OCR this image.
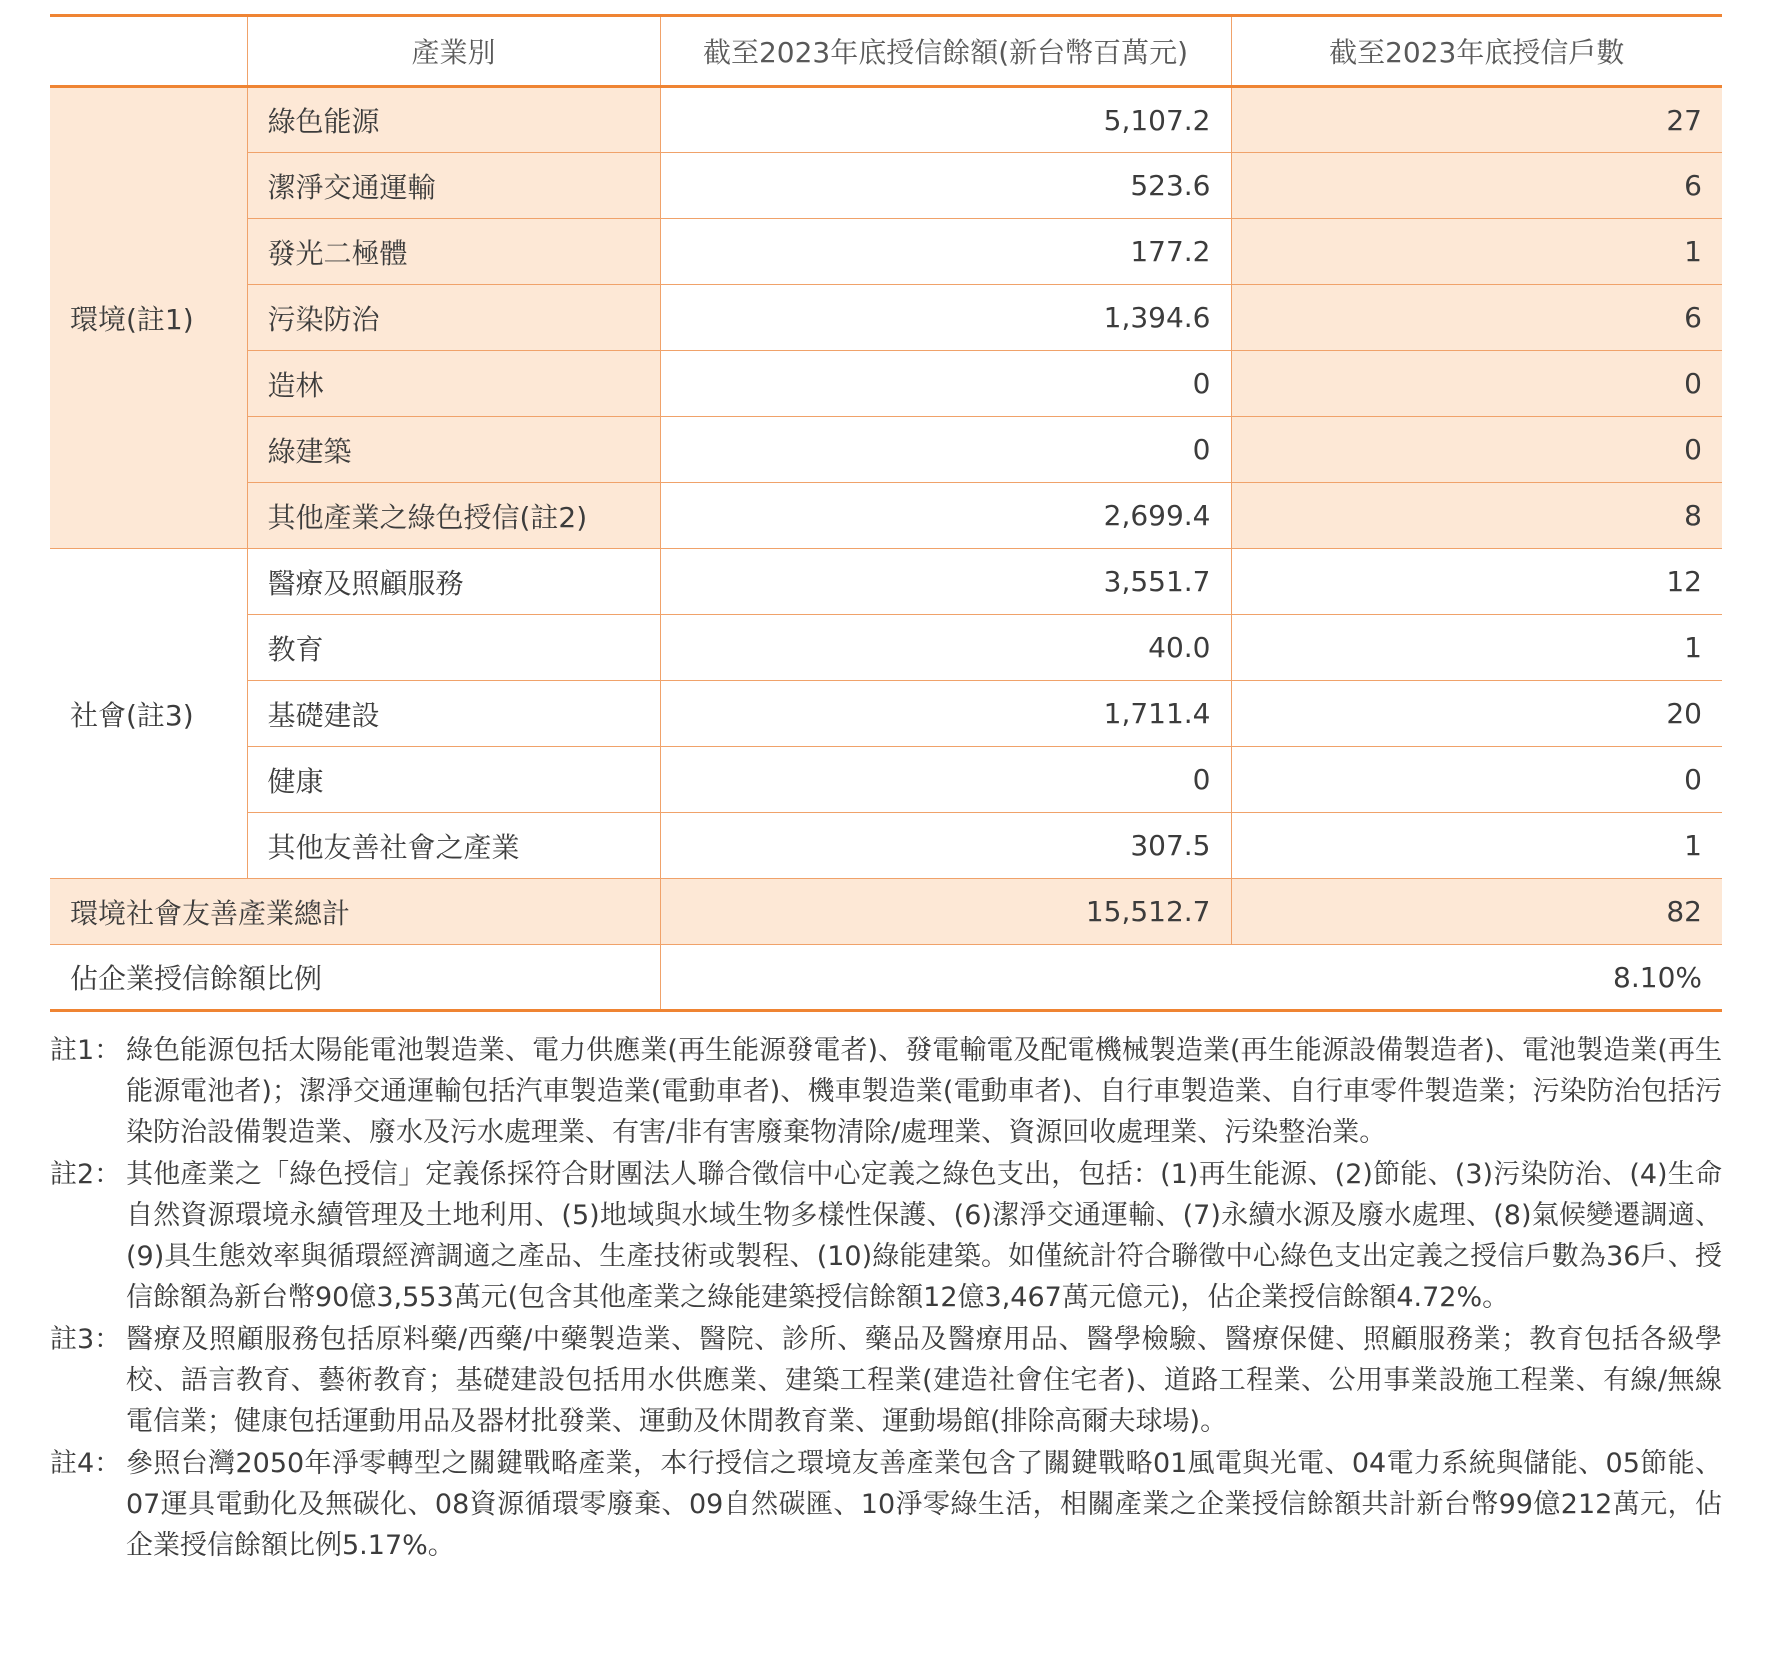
	產業別	截至2023年底授信餘額(新台幣百萬元)	截至2023年底授信戶數
環境(註1)	綠色能源	5,107.2	27
	潔淨交通運輸	523.6	6
	發光二極體	177.2	1
	污染防治	1,394.6	6
	造林	0	0
	綠建築	0	0
	其他產業之綠色授信(註2)	2,699.4	8
社會(註3)	醫療及照顧服務	3,551.7	12
	教育	40.0	1
	基礎建設	1,711.4	20
	健康	0	0
	其他友善社會之產業	307.5	1
環境社會友善產業總計		15,512.7	82
佔企業授信餘額比例		8.10%	
註1： 綠色能源包括太陽能電池製造業、電力供應業(再生能源發電者)、發電輸電及配電機械製造業(再生能源設備製造者)、電池製造業(再生能源電池者)；潔淨交通運輸包括汽車製造業(電動車者)、機車製造業(電動車者)、自行車製造業、自行車零件製造業；污染防治包括污染防治設備製造業、廢水及污水處理業、有害/非有害廢棄物清除/處理業、資源回收處理業、污染整治業。
註2： 其他產業之「綠色授信」定義係採符合財團法人聯合徵信中心定義之綠色支出，包括：(1)再生能源、(2)節能、(3)污染防治、(4)生命自然資源環境永續管理及土地利用、(5)地域與水域生物多樣性保護、(6)潔淨交通運輸、(7)永續水源及廢水處理、(8)氣候變遷調適、(9)具生態效率與循環經濟調適之產品、生產技術或製程、(10)綠能建築。如僅統計符合聯徵中心綠色支出定義之授信戶數為36戶、授信餘額為新台幣90億3,553萬元(包含其他產業之綠能建築授信餘額12億3,467萬元億元)，佔企業授信餘額4.72%。
註3： 醫療及照顧服務包括原料藥/西藥/中藥製造業、醫院、診所、藥品及醫療用品、醫學檢驗、醫療保健、照顧服務業；教育包括各級學校、語言教育、藝術教育；基礎建設包括用水供應業、建築工程業(建造社會住宅者)、道路工程業、公用事業設施工程業、有線/無線電信業；健康包括運動用品及器材批發業、運動及休閒教育業、運動場館(排除高爾夫球場)。
註4： 參照台灣2050年淨零轉型之關鍵戰略產業，本行授信之環境友善產業包含了關鍵戰略01風電與光電、04電力系統與儲能、05節能、07運具電動化及無碳化、08資源循環零廢棄、09自然碳匯、10淨零綠生活，相關產業之企業授信餘額共計新台幣99億212萬元，佔企業授信餘額比例5.17%。
